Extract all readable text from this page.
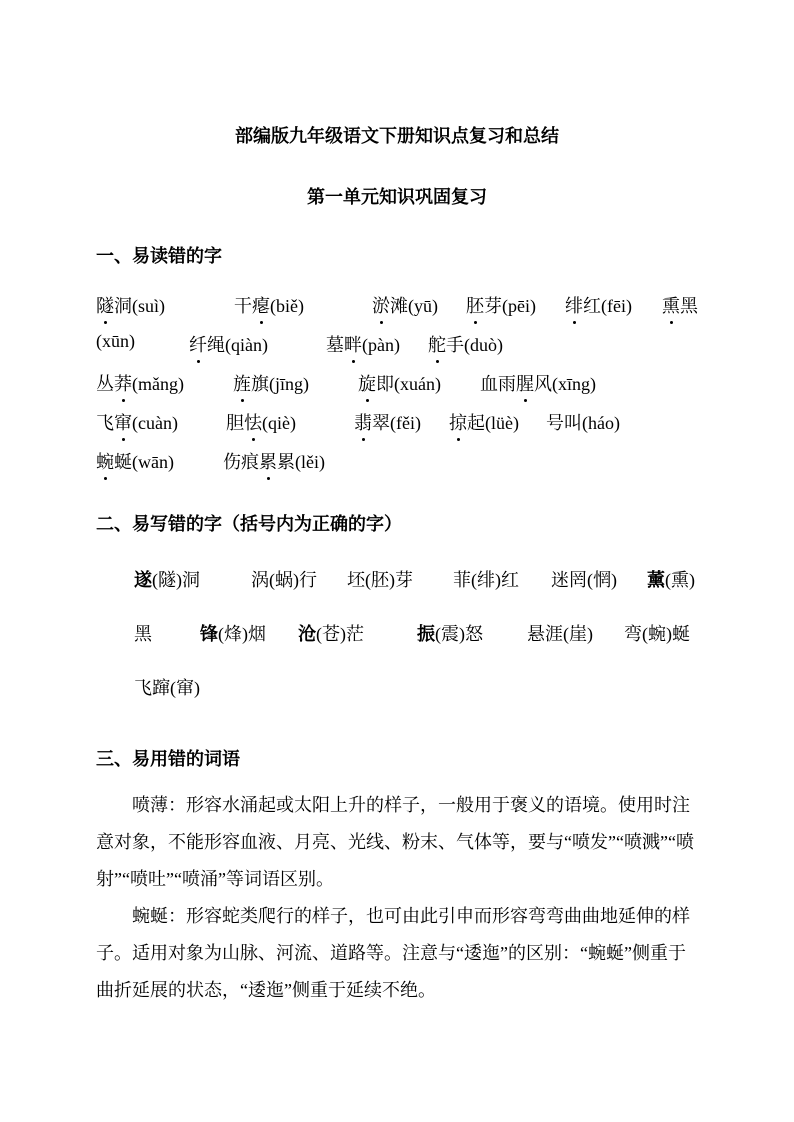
部编版九年级语文下册知识点复习和总结
第一单元知识巩固复习
一、易读错的字
隧洞(suì)	干瘪(biě)	淤滩(yū) 胚芽(pēi) 绯红(fēi) 熏黑
(xūn)	纤绳(qiàn)	墓畔(pàn) 舵手(duò)
丛莽(mǎng)	旌旗(jīng)	旋即(xuán) 血雨腥风(xīng)
飞窜(cuàn)	胆怯(qiè)	翡翠(fěi) 掠起(lüè) 号叫(háo)
蜿蜒(wān)	伤痕累累(lěi)
二、易写错的字（括号内为正确的字）
遂(隧)洞	涡(蜗)行 坯(胚)芽 菲(绯)红 迷罔(惘) 薰(熏)
黑	锋(烽)烟 沧(苍)茫	振(震)怒 悬涯(崖) 弯(蜿)蜒
飞蹿(窜)
三、易用错的词语
喷薄：形容水涌起或太阳上升的样子，一般用于褒义的语境。使用时注意对象，不能形容血液、月亮、光线、粉末、气体等，要与“喷发”“喷溅”“喷射”“喷吐”“喷涌”等词语区别。
蜿蜒：形容蛇类爬行的样子，也可由此引申而形容弯弯曲曲地延伸的样子。适用对象为山脉、河流、道路等。注意与“逶迤”的区别：“蜿蜒”侧重于曲折延展的状态，“逶迤”侧重于延续不绝。
